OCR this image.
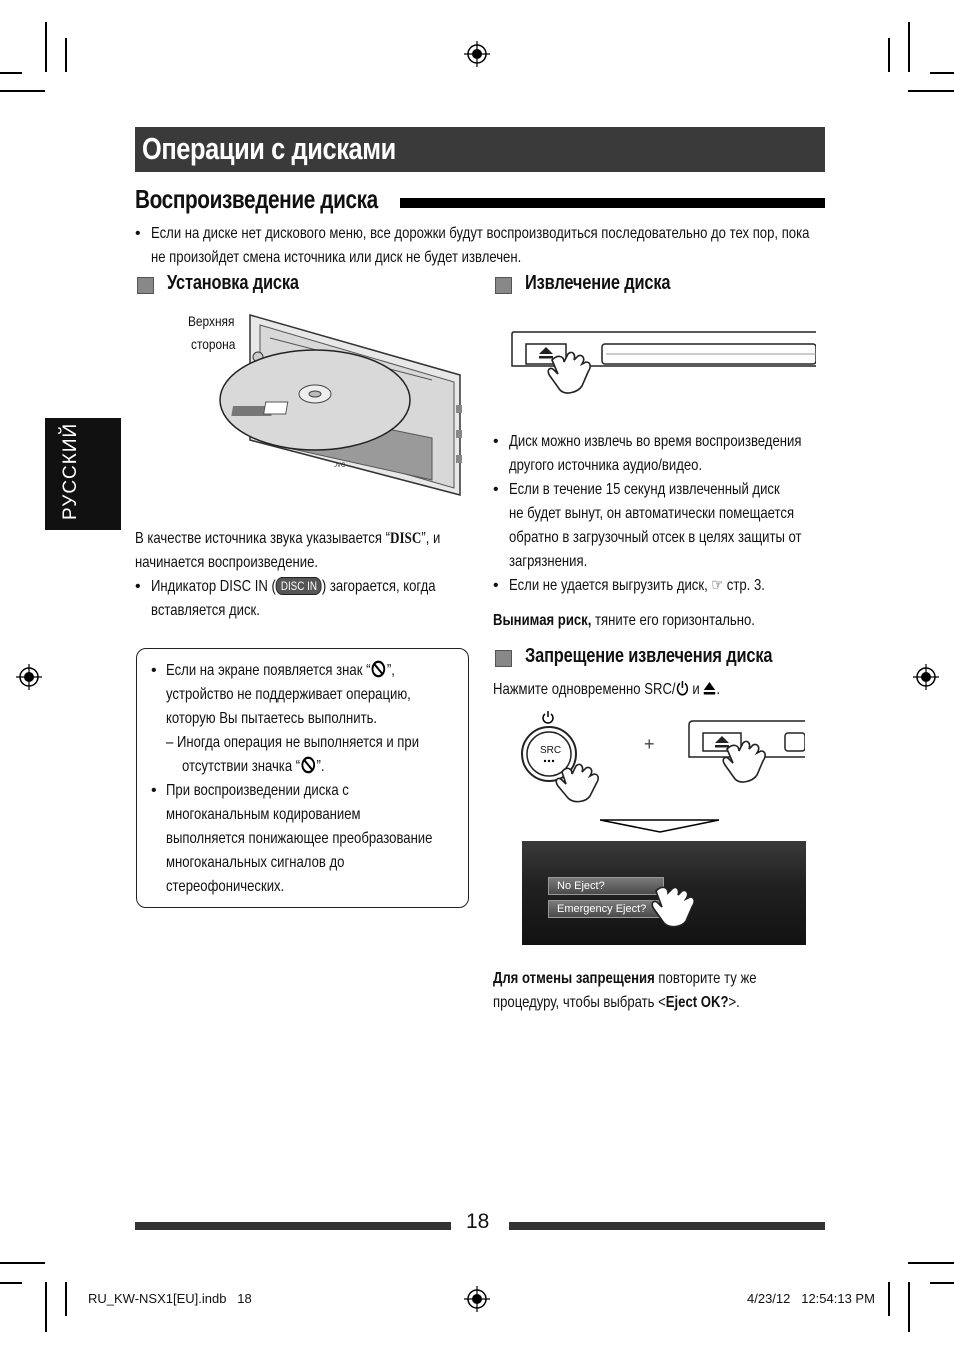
Операции с дисками
Воспроизведение диска
• Если на диске нет дискового меню, все дорожки будут воспроизводиться последовательно до тех пор, пока
не произойдет смена источника или диск не будет извлечен.
РУССКИЙ
Установка диска
Верхняя
сторона
JVC
В качестве источника звука указывается “DISC”, и
начинается воспроизведение.
• Индикатор DISC IN ( DISC IN ) загорается, когда
вставляется диск.
• Если на экране появляется знак “ ”,
устройство не поддерживает операцию,
которую Вы пытаетесь выполнить.
– Иногда операция не выполняется и при
отсутствии значка “ ”.
• При воспроизведении диска с
многоканальным кодированием
выполняется понижающее преобразование
многоканальных сигналов до
стереофонических.
Извлечение диска
• Диск можно извлечь во время воспроизведения
другого источника аудио/видео.
• Если в течение 15 секунд извлеченный диск
не будет вынут, он автоматически помещается
обратно в загрузочный отсек в целях защиты от
загрязнения.
• Если не удается выгрузить диск, ☞ стр. 3.
Вынимая риск, тяните его горизонтально.
Запрещение извлечения диска
Нажмите одновременно SRC/ и .
SRC	+
No Eject?
Emergency Eject?
Для отмены запрещения повторите ту же
процедуру, чтобы выбрать <Eject OK?>.
18
RU_KW-NSX1[EU].indb   18	4/23/12   12:54:13 PM
